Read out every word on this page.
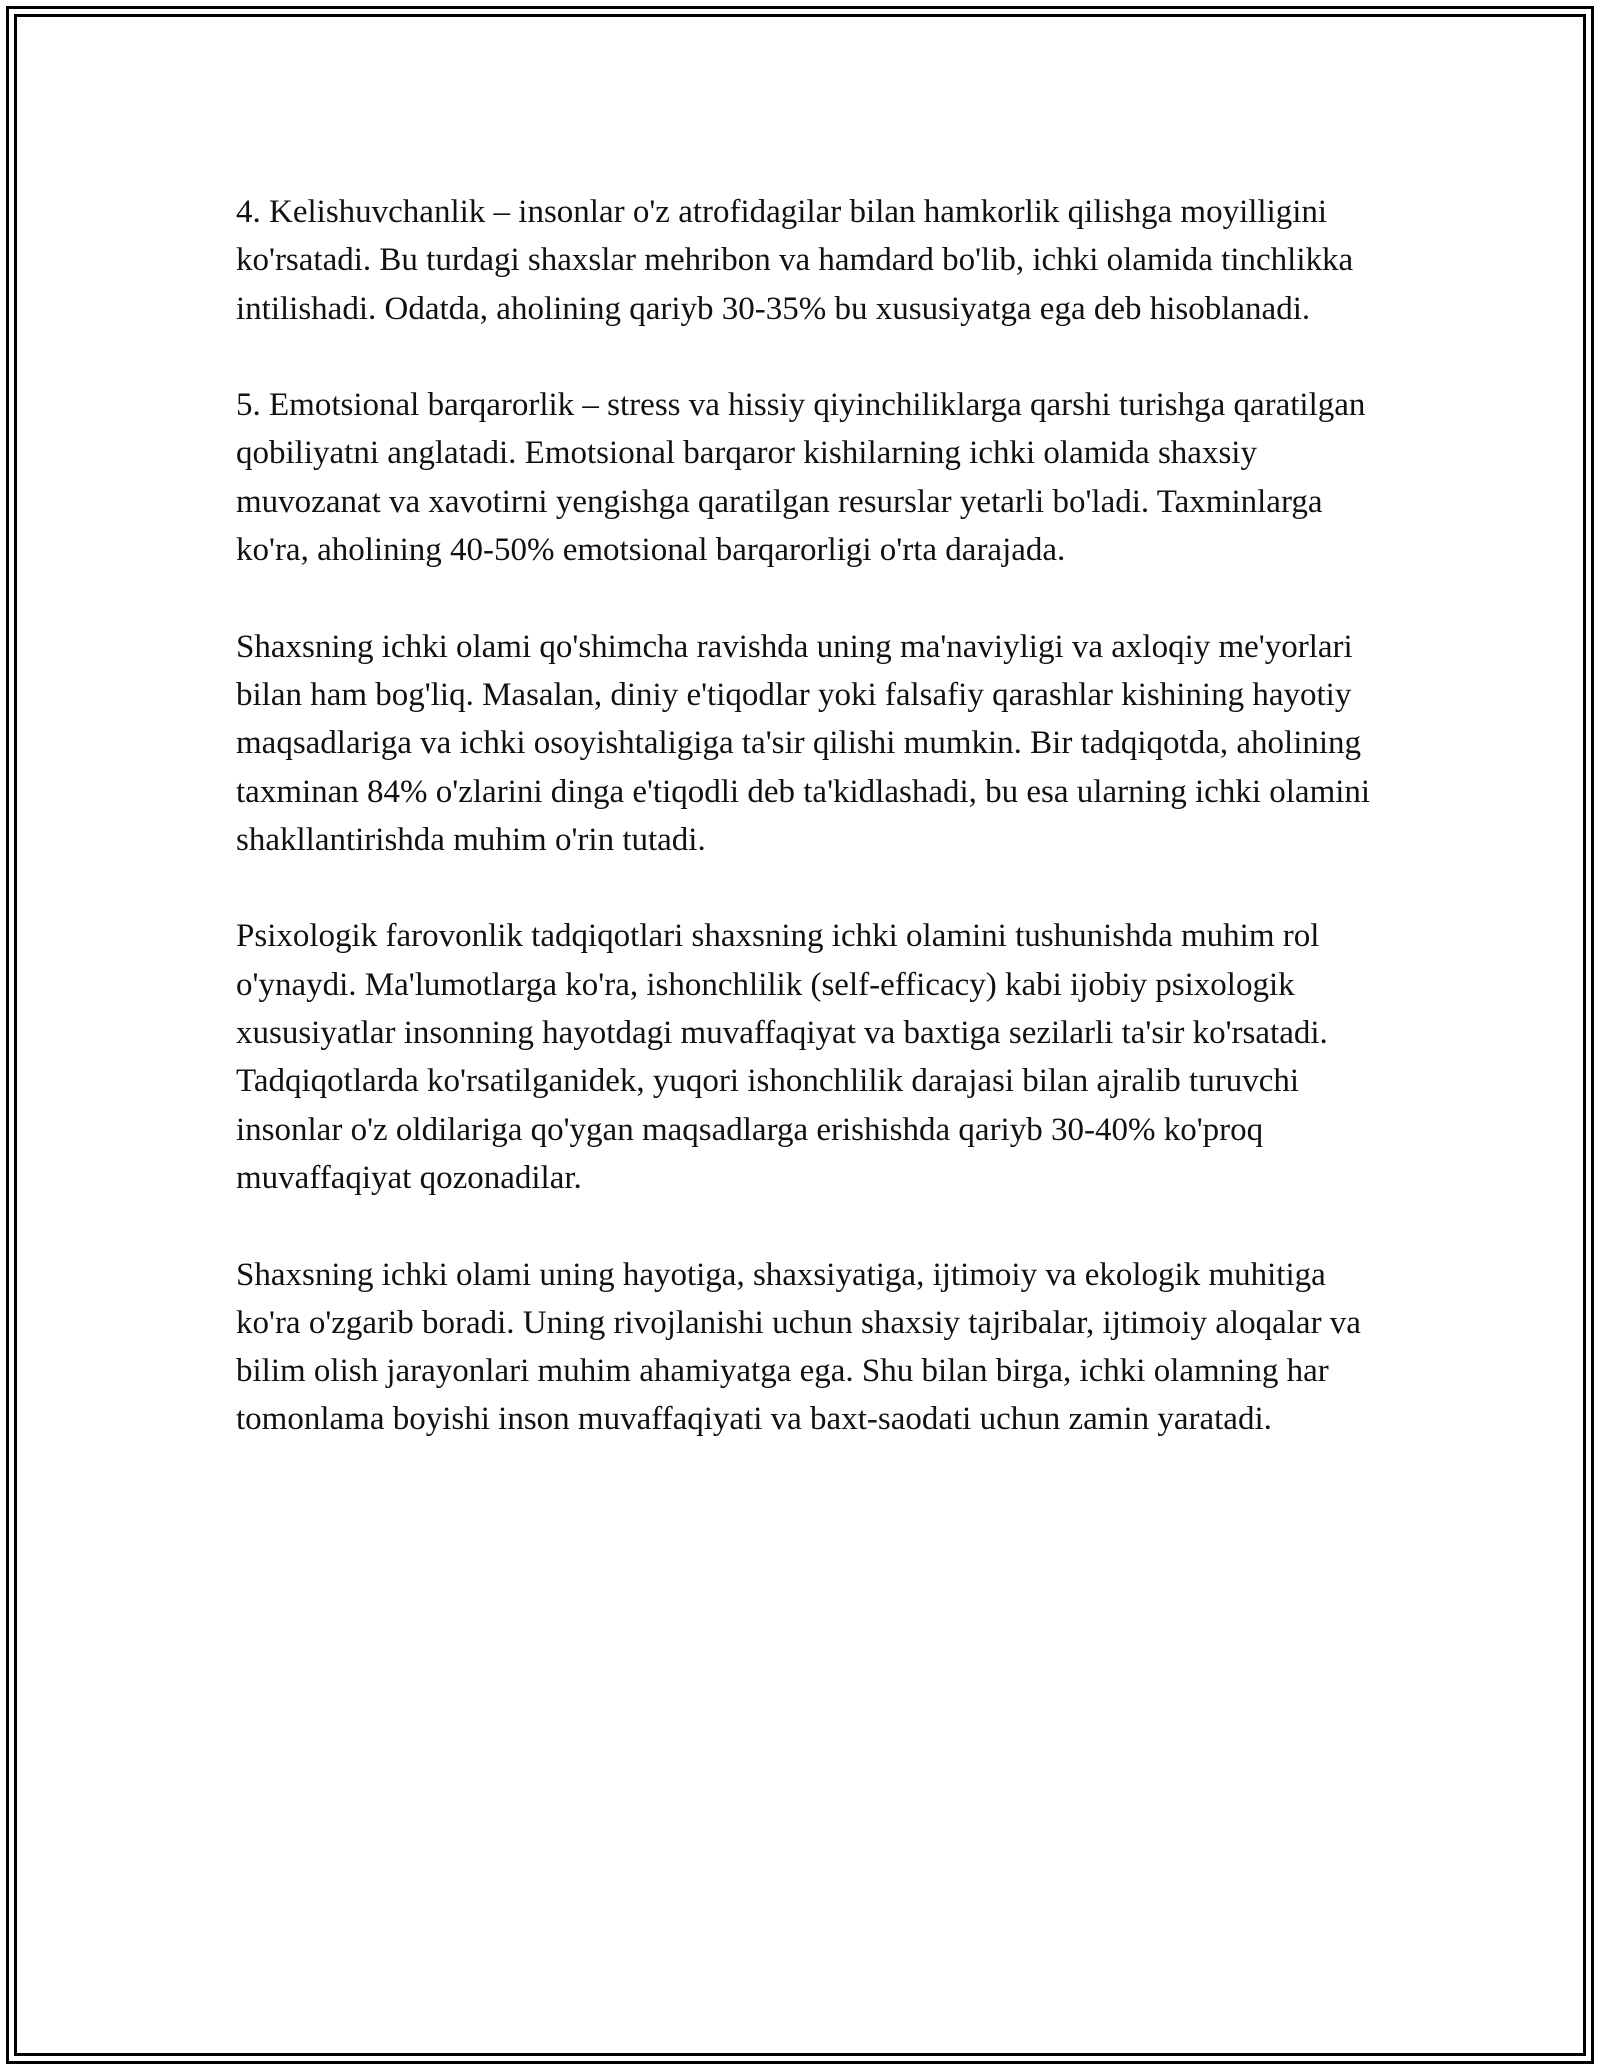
4. Kelishuvchanlik – insonlar o'z atrofidagilar bilan hamkorlik qilishga moyilligini ko'rsatadi. Bu turdagi shaxslar mehribon va hamdard bo'lib, ichki olamida tinchlikka intilishadi. Odatda, aholining qariyb 30-35% bu xususiyatga ega deb hisoblanadi.

5. Emotsional barqarorlik – stress va hissiy qiyinchiliklarga qarshi turishga qaratilgan qobiliyatni anglatadi. Emotsional barqaror kishilarning ichki olamida shaxsiy muvozanat va xavotirni yengishga qaratilgan resurslar yetarli bo'ladi. Taxminlarga ko'ra, aholining 40-50% emotsional barqarorligi o'rta darajada.

Shaxsning ichki olami qo'shimcha ravishda uning ma'naviyligi va axloqiy me'yorlari bilan ham bog'liq. Masalan, diniy e'tiqodlar yoki falsafiy qarashlar kishining hayotiy maqsadlariga va ichki osoyishtaligiga ta'sir qilishi mumkin. Bir tadqiqotda, aholining taxminan 84% o'zlarini dinga e'tiqodli deb ta'kidlashadi, bu esa ularning ichki olamini shakllantirishda muhim o'rin tutadi.

Psixologik farovonlik tadqiqotlari shaxsning ichki olamini tushunishda muhim rol o'ynaydi. Ma'lumotlarga ko'ra, ishonchlilik (self-efficacy) kabi ijobiy psixologik xususiyatlar insonning hayotdagi muvaffaqiyat va baxtiga sezilarli ta'sir ko'rsatadi. Tadqiqotlarda ko'rsatilganidek, yuqori ishonchlilik darajasi bilan ajralib turuvchi insonlar o'z oldilariga qo'ygan maqsadlarga erishishda qariyb 30-40% ko'proq muvaffaqiyat qozonadilar.

Shaxsning ichki olami uning hayotiga, shaxsiyatiga, ijtimoiy va ekologik muhitiga ko'ra o'zgarib boradi. Uning rivojlanishi uchun shaxsiy tajribalar, ijtimoiy aloqalar va bilim olish jarayonlari muhim ahamiyatga ega. Shu bilan birga, ichki olamning har tomonlama boyishi inson muvaffaqiyati va baxt-saodati uchun zamin yaratadi.
